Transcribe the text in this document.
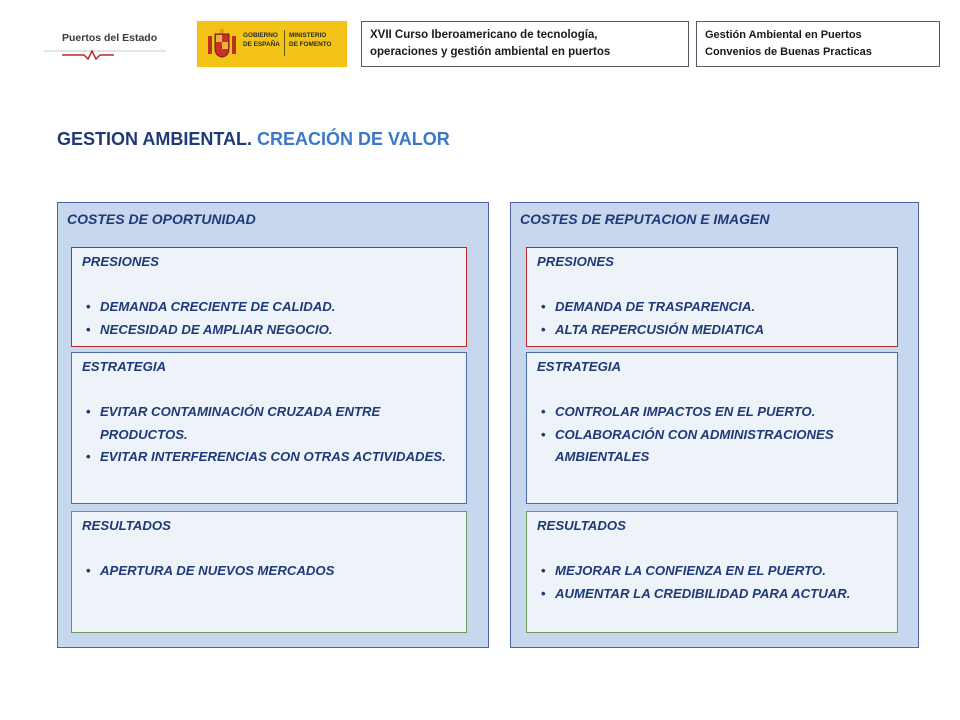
Puertos del Estado	GOBIERNO
DE ESPAÑA
MINISTERIO
DE FOMENTO
XVII Curso Iberoamericano de tecnología,
operaciones y gestión ambiental en puertos
Gestión Ambiental en Puertos
Convenios de Buenas Practicas
GESTION AMBIENTAL. CREACIÓN DE VALOR
COSTES DE OPORTUNIDAD
PRESIONES
• DEMANDA CRECIENTE DE CALIDAD.
• NECESIDAD DE AMPLIAR NEGOCIO.
ESTRATEGIA
• EVITAR CONTAMINACIÓN CRUZADA ENTRE PRODUCTOS.
• EVITAR INTERFERENCIAS CON OTRAS ACTIVIDADES.
RESULTADOS
• APERTURA DE NUEVOS MERCADOS
COSTES DE REPUTACION E IMAGEN
PRESIONES
• DEMANDA DE TRASPARENCIA.
• ALTA REPERCUSIÓN MEDIATICA
ESTRATEGIA
• CONTROLAR IMPACTOS EN EL PUERTO.
• COLABORACIÓN CON ADMINISTRACIONES AMBIENTALES
RESULTADOS
• MEJORAR LA CONFIENZA EN EL PUERTO.
• AUMENTAR LA CREDIBILIDAD PARA ACTUAR.
